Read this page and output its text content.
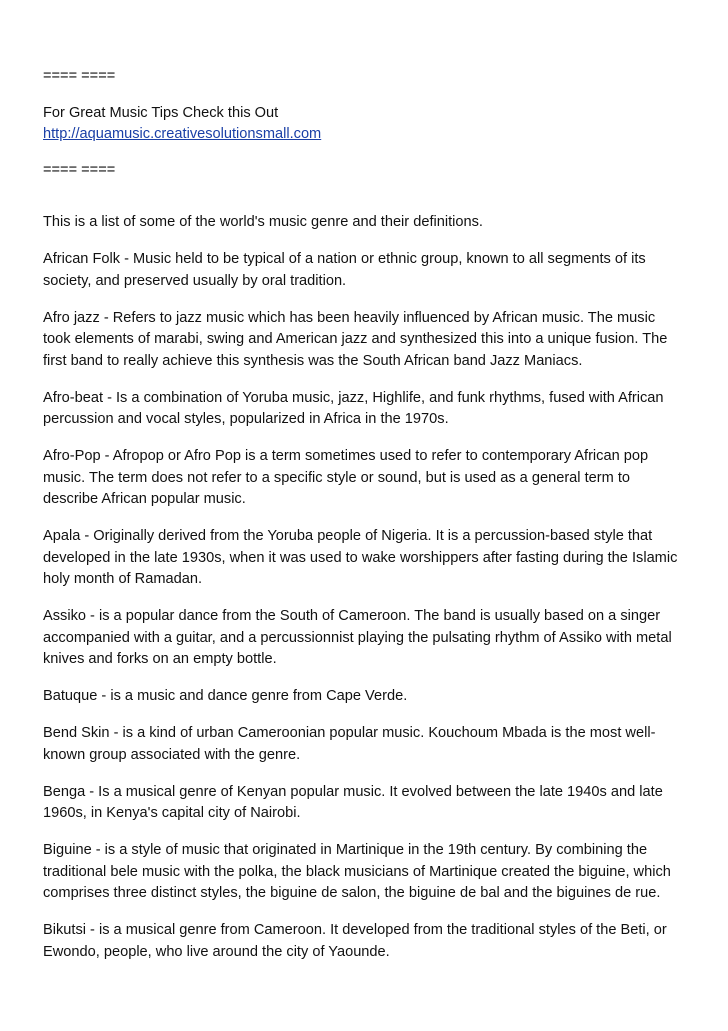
==== ====

For Great Music Tips Check this Out

http://aquamusic.creativesolutionsmall.com

==== ====

This is a list of some of the world's music genre and their definitions.

African Folk - Music held to be typical of a nation or ethnic group, known to all segments of its

society, and preserved usually by oral tradition.

Afro jazz - Refers to jazz music which has been heavily influenced by African music. The music

took elements of marabi, swing and American jazz and synthesized this into a unique fusion. The

first band to really achieve this synthesis was the South African band Jazz Maniacs.

Afro-beat - Is a combination of Yoruba music, jazz, Highlife, and funk rhythms, fused with African

percussion and vocal styles, popularized in Africa in the 1970s.

Afro-Pop - Afropop or Afro Pop is a term sometimes used to refer to contemporary African pop

music. The term does not refer to a specific style or sound, but is used as a general term to

describe African popular music.

Apala - Originally derived from the Yoruba people of Nigeria. It is a percussion-based style that

developed in the late 1930s, when it was used to wake worshippers after fasting during the Islamic

holy month of Ramadan.

Assiko - is a popular dance from the South of Cameroon. The band is usually based on a singer

accompanied with a guitar, and a percussionnist playing the pulsating rhythm of Assiko with metal

knives and forks on an empty bottle.

Batuque - is a music and dance genre from Cape Verde.

Bend Skin - is a kind of urban Cameroonian popular music. Kouchoum Mbada is the most well-

known group associated with the genre.

Benga - Is a musical genre of Kenyan popular music. It evolved between the late 1940s and late

1960s, in Kenya's capital city of Nairobi.

Biguine - is a style of music that originated in Martinique in the 19th century. By combining the

traditional bele music with the polka, the black musicians of Martinique created the biguine, which

comprises three distinct styles, the biguine de salon, the biguine de bal and the biguines de rue.

Bikutsi - is a musical genre from Cameroon. It developed from the traditional styles of the Beti, or

Ewondo, people, who live around the city of Yaounde.
